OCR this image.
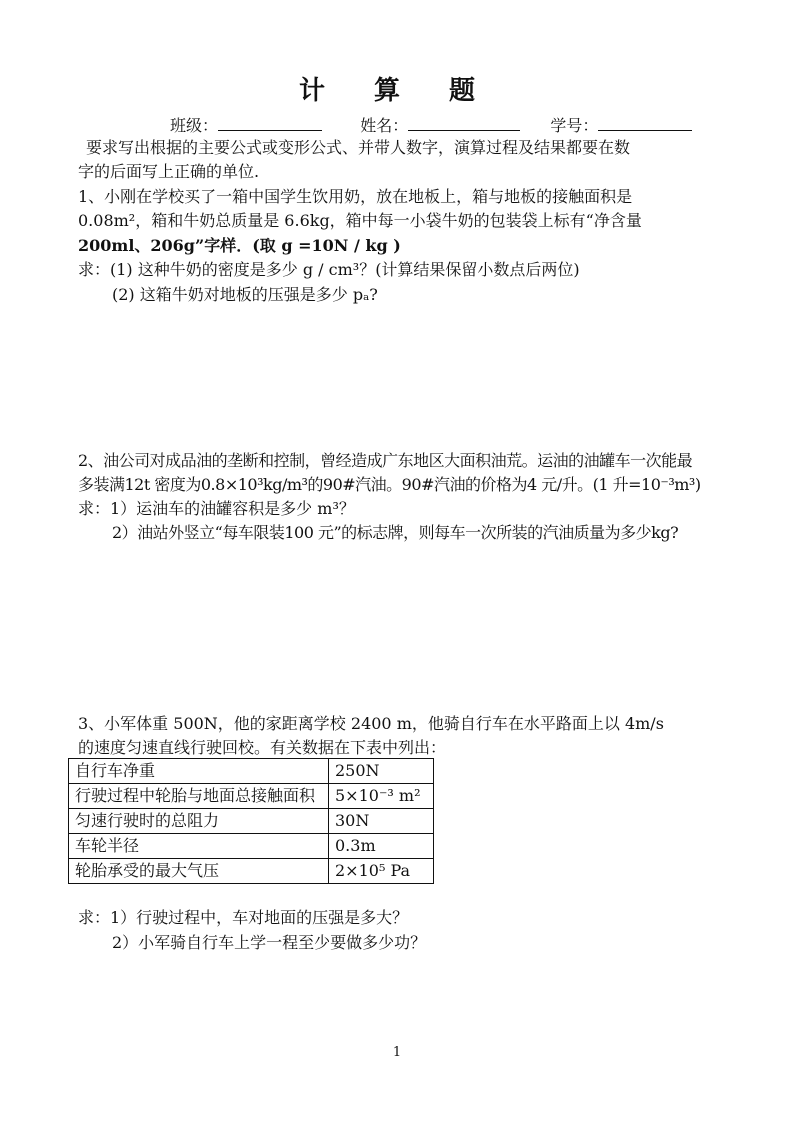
计 算 题
班级：	姓名：	学号：
要求写出根据的主要公式或变形公式、并带人数字，演算过程及结果都要在数
字的后面写上正确的单位.
1、小刚在学校买了一箱中国学生饮用奶，放在地板上，箱与地板的接触面积是
0.08m²，箱和牛奶总质量是 6.6kg，箱中每一小袋牛奶的包装袋上标有“净含量
200ml、206g”字样．(取 g =10N / kg )
求：(1) 这种牛奶的密度是多少 g / cm³？(计算结果保留小数点后两位)
(2) 这箱牛奶对地板的压强是多少 pₐ?
2、油公司对成品油的垄断和控制，曾经造成广东地区大面积油荒。运油的油罐车一次能最
多装满12t 密度为0.8×10³kg/m³的90#汽油。90#汽油的价格为4 元/升。(1 升=10⁻³m³)
求：1）运油车的油罐容积是多少 m³？
2）油站外竖立“每车限装100 元”的标志牌，则每车一次所装的汽油质量为多少kg?
3、小军体重 500N，他的家距离学校 2400 m，他骑自行车在水平路面上以 4m/s
的速度匀速直线行驶回校。有关数据在下表中列出：
自行车净重	250N
行驶过程中轮胎与地面总接触面积	5×10⁻³ m²
匀速行驶时的总阻力	30N
车轮半径	0.3m
轮胎承受的最大气压	2×10⁵ Pa
求：1）行驶过程中，车对地面的压强是多大？
2）小军骑自行车上学一程至少要做多少功？
1
